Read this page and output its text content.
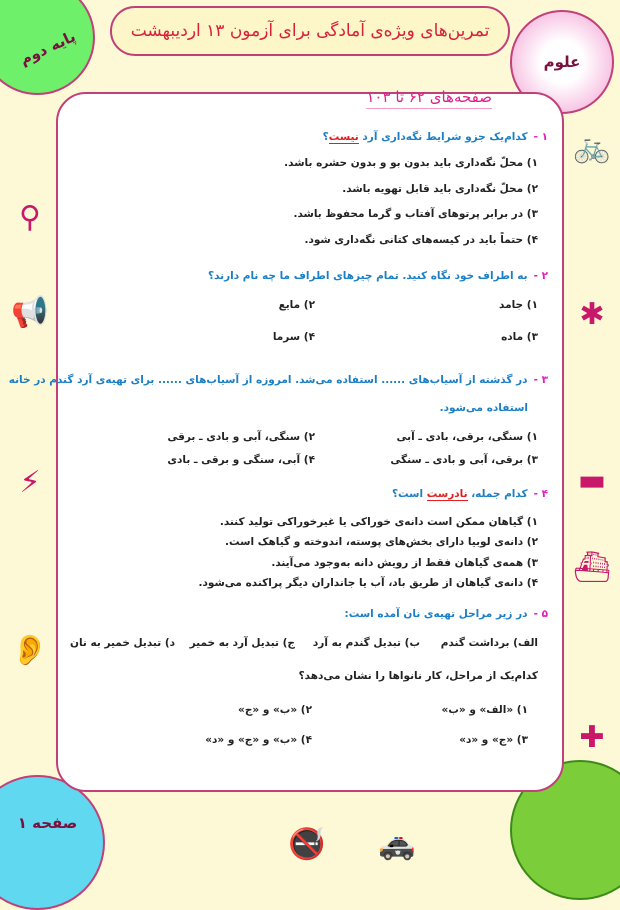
پایه دوم	علوم
صفحه ۱
تمرین‌های ویژه‌ی آمادگی برای آزمون ۱۳ اردیبهشت
صفحه‌های ۶۲ تا ۱۰۳
🚲
✱
▬
⛴
✚
⚲
📢
⚡
👂
🚭 🚓
۱ -کدام‌یک جزو شرایط نگه‌داری آرد نیست؟
۱) محلّ نگه‌داری باید بدون بو و بدون حشره باشد.
۲) محلّ نگه‌داری باید قابل تهویه باشد.
۳) در برابر پرتوهای آفتاب و گرما محفوظ باشد.
۴) حتماً باید در کیسه‌های کتانی نگه‌داری شود.
۲ -به اطراف خود نگاه کنید. تمام چیزهای اطراف ما چه نام دارند؟
۱) جامد
۲) مایع
۳) ماده
۴) سرما
۳ -در گذشته از آسیاب‌های ...... استفاده می‌شد. امروزه از آسیاب‌های ...... برای تهیه‌ی آرد گندم در خانه
استفاده می‌شود.
۱) سنگی، برقی، بادی ـ آبی
۲) سنگی، آبی و بادی ـ برقی
۳) برقی، آبی و بادی ـ سنگی
۴) آبی، سنگی و برقی ـ بادی
۴ -کدام جمله، نادرست است؟
۱) گیاهان ممکن است دانه‌ی خوراکی یا غیرخوراکی تولید کنند.
۲) دانه‌ی لوبیا دارای بخش‌های پوسته، اندوخته و گیاهک است.
۳) همه‌ی گیاهان فقط از رویش دانه به‌وجود می‌آیند.
۴) دانه‌ی گیاهان از طریق باد، آب یا جانداران دیگر پراکنده می‌شود.
۵ -در زیر مراحل تهیه‌ی نان آمده است:
الف) برداشت گندم
ب) تبدیل گندم به آرد
ج) تبدیل آرد به خمیر
د) تبدیل خمیر به نان
کدام‌یک از مراحل، کار نانواها را نشان می‌دهد؟
۱) «الف» و «ب»
۲) «ب» و «ج»
۳) «ج» و «د»
۴) «ب» و «ج» و «د»
